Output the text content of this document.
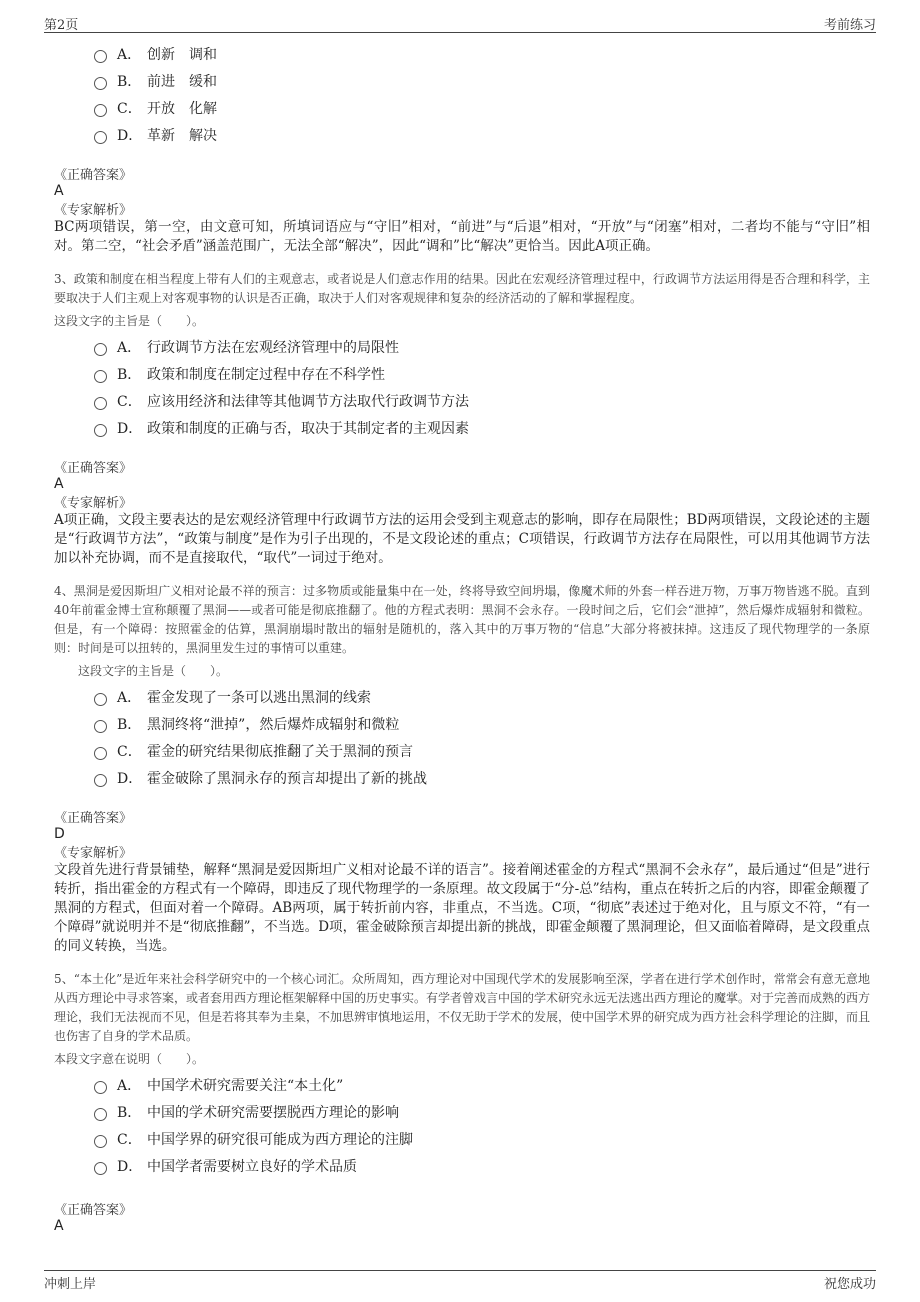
第2页	考前练习
A． 创新　调和
B． 前进　缓和
C． 开放　化解
D． 革新　解决
《正确答案》
A
《专家解析》

BC两项错误，第一空，由文意可知，所填词语应与“守旧”相对，“前进”与“后退”相对，“开放”与“闭塞”相对，二者均不能与“守旧”相对。第二空，“社会矛盾”涵盖范围广，无法全部“解决”，因此“调和”比“解决”更恰当。因此A项正确。

3、政策和制度在相当程度上带有人们的主观意志，或者说是人们意志作用的结果。因此在宏观经济管理过程中，行政调节方法运用得是否合理和科学，主要取决于人们主观上对客观事物的认识是否正确，取决于人们对客观规律和复杂的经济活动的了解和掌握程度。

这段文字的主旨是（　　）。

A． 行政调节方法在宏观经济管理中的局限性
B． 政策和制度在制定过程中存在不科学性
C． 应该用经济和法律等其他调节方法取代行政调节方法
D． 政策和制度的正确与否，取决于其制定者的主观因素
《正确答案》
A
《专家解析》

A项正确，文段主要表达的是宏观经济管理中行政调节方法的运用会受到主观意志的影响，即存在局限性；BD两项错误，文段论述的主题是“行政调节方法”，“政策与制度”是作为引子出现的，不是文段论述的重点；C项错误，行政调节方法存在局限性，可以用其他调节方法加以补充协调，而不是直接取代，“取代”一词过于绝对。

4、黑洞是爱因斯坦广义相对论最不祥的预言：过多物质或能量集中在一处，终将导致空间坍塌，像魔术师的外套一样吞进万物，万事万物皆逃不脱。直到40年前霍金博士宣称颠覆了黑洞——或者可能是彻底推翻了。他的方程式表明：黑洞不会永存。一段时间之后，它们会“泄掉”，然后爆炸成辐射和微粒。但是，有一个障碍：按照霍金的估算，黑洞崩塌时散出的辐射是随机的，落入其中的万事万物的“信息”大部分将被抹掉。这违反了现代物理学的一条原则：时间是可以扭转的，黑洞里发生过的事情可以重建。

这段文字的主旨是（　　）。

A． 霍金发现了一条可以逃出黑洞的线索
B． 黑洞终将“泄掉”，然后爆炸成辐射和微粒
C． 霍金的研究结果彻底推翻了关于黑洞的预言
D． 霍金破除了黑洞永存的预言却提出了新的挑战
《正确答案》
D
《专家解析》

文段首先进行背景铺垫，解释“黑洞是爱因斯坦广义相对论最不详的语言”。接着阐述霍金的方程式“黑洞不会永存”，最后通过“但是”进行转折，指出霍金的方程式有一个障碍，即违反了现代物理学的一条原理。故文段属于“分-总”结构，重点在转折之后的内容，即霍金颠覆了黑洞的方程式，但面对着一个障碍。AB两项，属于转折前内容，非重点，不当选。C项，“彻底”表述过于绝对化，且与原文不符，“有一个障碍”就说明并不是“彻底推翻”，不当选。D项，霍金破除预言却提出新的挑战，即霍金颠覆了黑洞理论，但又面临着障碍，是文段重点的同义转换，当选。

5、“本土化”是近年来社会科学研究中的一个核心词汇。众所周知，西方理论对中国现代学术的发展影响至深，学者在进行学术创作时，常常会有意无意地从西方理论中寻求答案，或者套用西方理论框架解释中国的历史事实。有学者曾戏言中国的学术研究永远无法逃出西方理论的魔掌。对于完善而成熟的西方理论，我们无法视而不见，但是若将其奉为圭臬，不加思辨审慎地运用，不仅无助于学术的发展，使中国学术界的研究成为西方社会科学理论的注脚，而且也伤害了自身的学术品质。

本段文字意在说明（　　）。

A． 中国学术研究需要关注“本土化”
B． 中国的学术研究需要摆脱西方理论的影响
C． 中国学界的研究很可能成为西方理论的注脚
D． 中国学者需要树立良好的学术品质
《正确答案》
A
冲刺上岸	祝您成功
